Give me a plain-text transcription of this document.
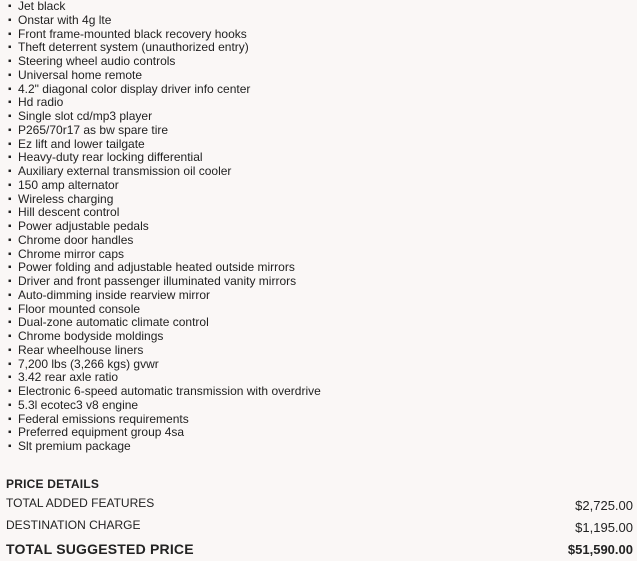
▪ Jet black
▪ Onstar with 4g lte
▪ Front frame-mounted black recovery hooks
▪ Theft deterrent system (unauthorized entry)
▪ Steering wheel audio controls
▪ Universal home remote
▪ 4.2" diagonal color display driver info center
▪ Hd radio
▪ Single slot cd/mp3 player
▪ P265/70r17 as bw spare tire
▪ Ez lift and lower tailgate
▪ Heavy-duty rear locking differential
▪ Auxiliary external transmission oil cooler
▪ 150 amp alternator
▪ Wireless charging
▪ Hill descent control
▪ Power adjustable pedals
▪ Chrome door handles
▪ Chrome mirror caps
▪ Power folding and adjustable heated outside mirrors
▪ Driver and front passenger illuminated vanity mirrors
▪ Auto-dimming inside rearview mirror
▪ Floor mounted console
▪ Dual-zone automatic climate control
▪ Chrome bodyside moldings
▪ Rear wheelhouse liners
▪ 7,200 lbs (3,266 kgs) gvwr
▪ 3.42 rear axle ratio
▪ Electronic 6-speed automatic transmission with overdrive
▪ 5.3l ecotec3 v8 engine
▪ Federal emissions requirements
▪ Preferred equipment group 4sa
▪ Slt premium package
PRICE DETAILS
TOTAL ADDED FEATURES	$2,725.00
DESTINATION CHARGE	$1,195.00
TOTAL SUGGESTED PRICE	$51,590.00
